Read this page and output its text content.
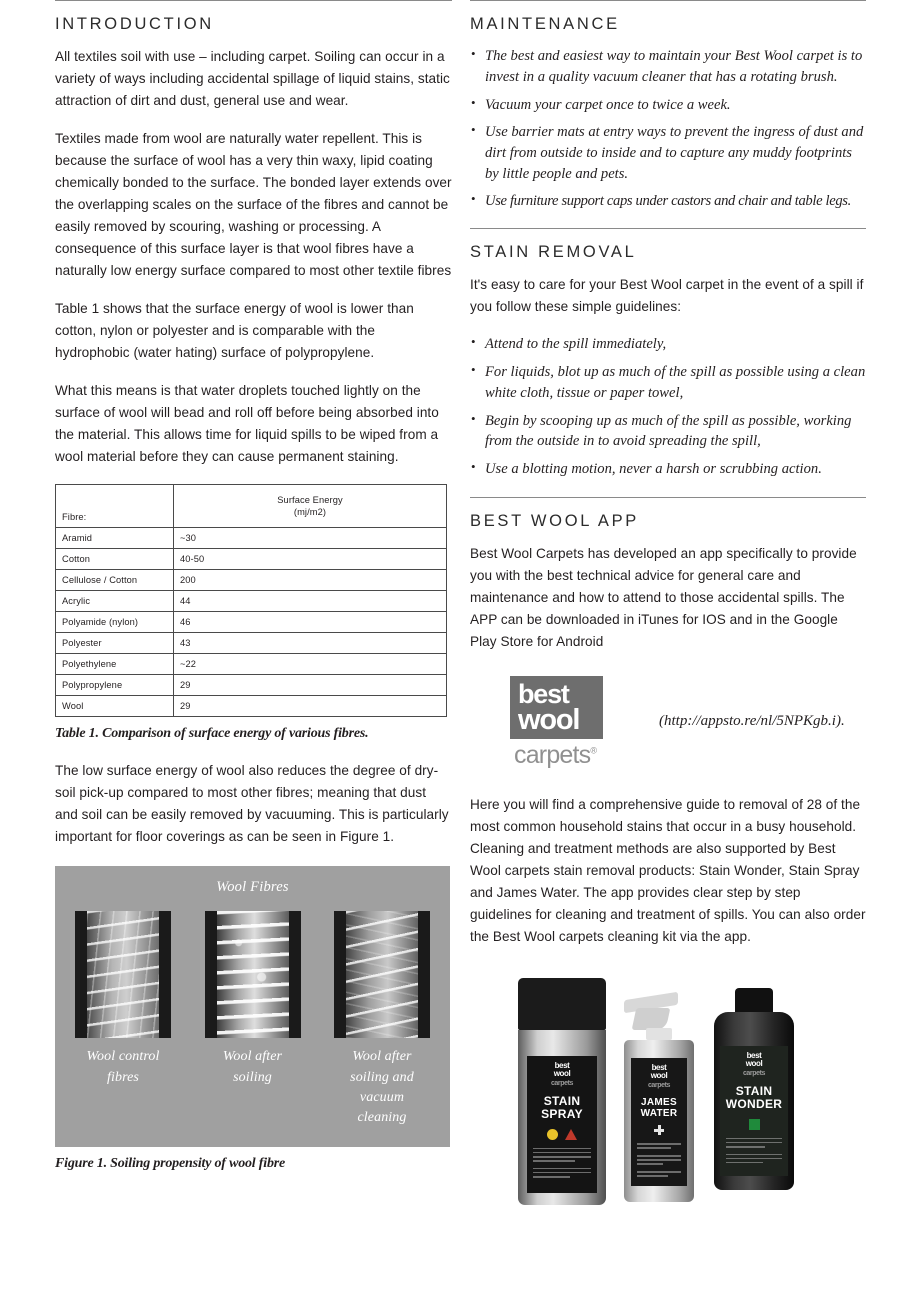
INTRODUCTION

All textiles soil with use – including carpet. Soiling can occur in a variety of ways including accidental spillage of liquid stains, static attraction of dirt and dust, general use and wear.

Textiles made from wool are naturally water repellent. This is because the surface of wool has a very thin waxy, lipid coating chemically bonded to the surface. The bonded layer extends over the overlapping scales on the surface of the fibres and cannot be easily removed by scouring, washing or processing. A consequence of this surface layer is that wool fibres have a naturally low energy surface compared to most other textile fibres

Table 1 shows that the surface energy of wool is lower than cotton, nylon or polyester and is comparable with the hydrophobic (water hating) surface of polypropylene.

What this means is that water droplets touched lightly on the surface of wool will bead and roll off before being absorbed into the material. This allows time for liquid spills to be wiped from a wool material before they can cause permanent staining.

Fibre:	Surface Energy
(mj/m2)
Aramid	~30
Cotton	40-50
Cellulose / Cotton	200
Acrylic	44
Polyamide (nylon)	46
Polyester	43
Polyethylene	~22
Polypropylene	29
Wool	29

Table 1. Comparison of surface energy of various fibres.

The low surface energy of wool also reduces the degree of dry-soil pick-up compared to most other fibres; meaning that dust and soil can be easily removed by vacuuming. This is particularly important for floor coverings as can be seen in Figure 1.

Wool Fibres
Wool control fibres
Wool after soiling
Wool after soiling and vacuum cleaning

Figure 1. Soiling propensity of wool fibre

MAINTENANCE
• The best and easiest way to maintain your Best Wool carpet is to invest in a quality vacuum cleaner that has a rotating brush.
• Vacuum your carpet once to twice a week.
• Use barrier mats at entry ways to prevent the ingress of dust and dirt from outside to inside and to capture any muddy footprints by little people and pets.
• Use furniture support caps under castors and chair and table legs.
STAIN REMOVAL

It's easy to care for your Best Wool carpet in the event of a spill if you follow these simple guidelines:

• Attend to the spill immediately,
• For liquids, blot up as much of the spill as possible using a clean white cloth, tissue or paper towel,
• Begin by scooping up as much of the spill as possible, working from the outside in to avoid spreading the spill,
• Use a blotting motion, never a harsh or scrubbing action.
BEST WOOL APP

Best Wool Carpets has developed an app specifically to provide you with the best technical advice for general care and maintenance and how to attend to those accidental spills. The APP can be downloaded in iTunes for IOS and in the Google Play Store for Android

best
wool
carpets®
(http://appsto.re/nl/5NPKgb.i).

Here you will find a comprehensive guide to removal of 28 of the most common household stains that occur in a busy household. Cleaning and treatment methods are also supported by Best Wool carpets stain removal products: Stain Wonder, Stain Spray and James Water. The app provides clear step by step guidelines for cleaning and treatment of spills. You can also order the Best Wool carpets cleaning kit via the app.

best
wool
carpets
STAIN
SPRAY
best
wool
carpets
JAMES
WATER
best
wool
carpets
STAIN
WONDER
